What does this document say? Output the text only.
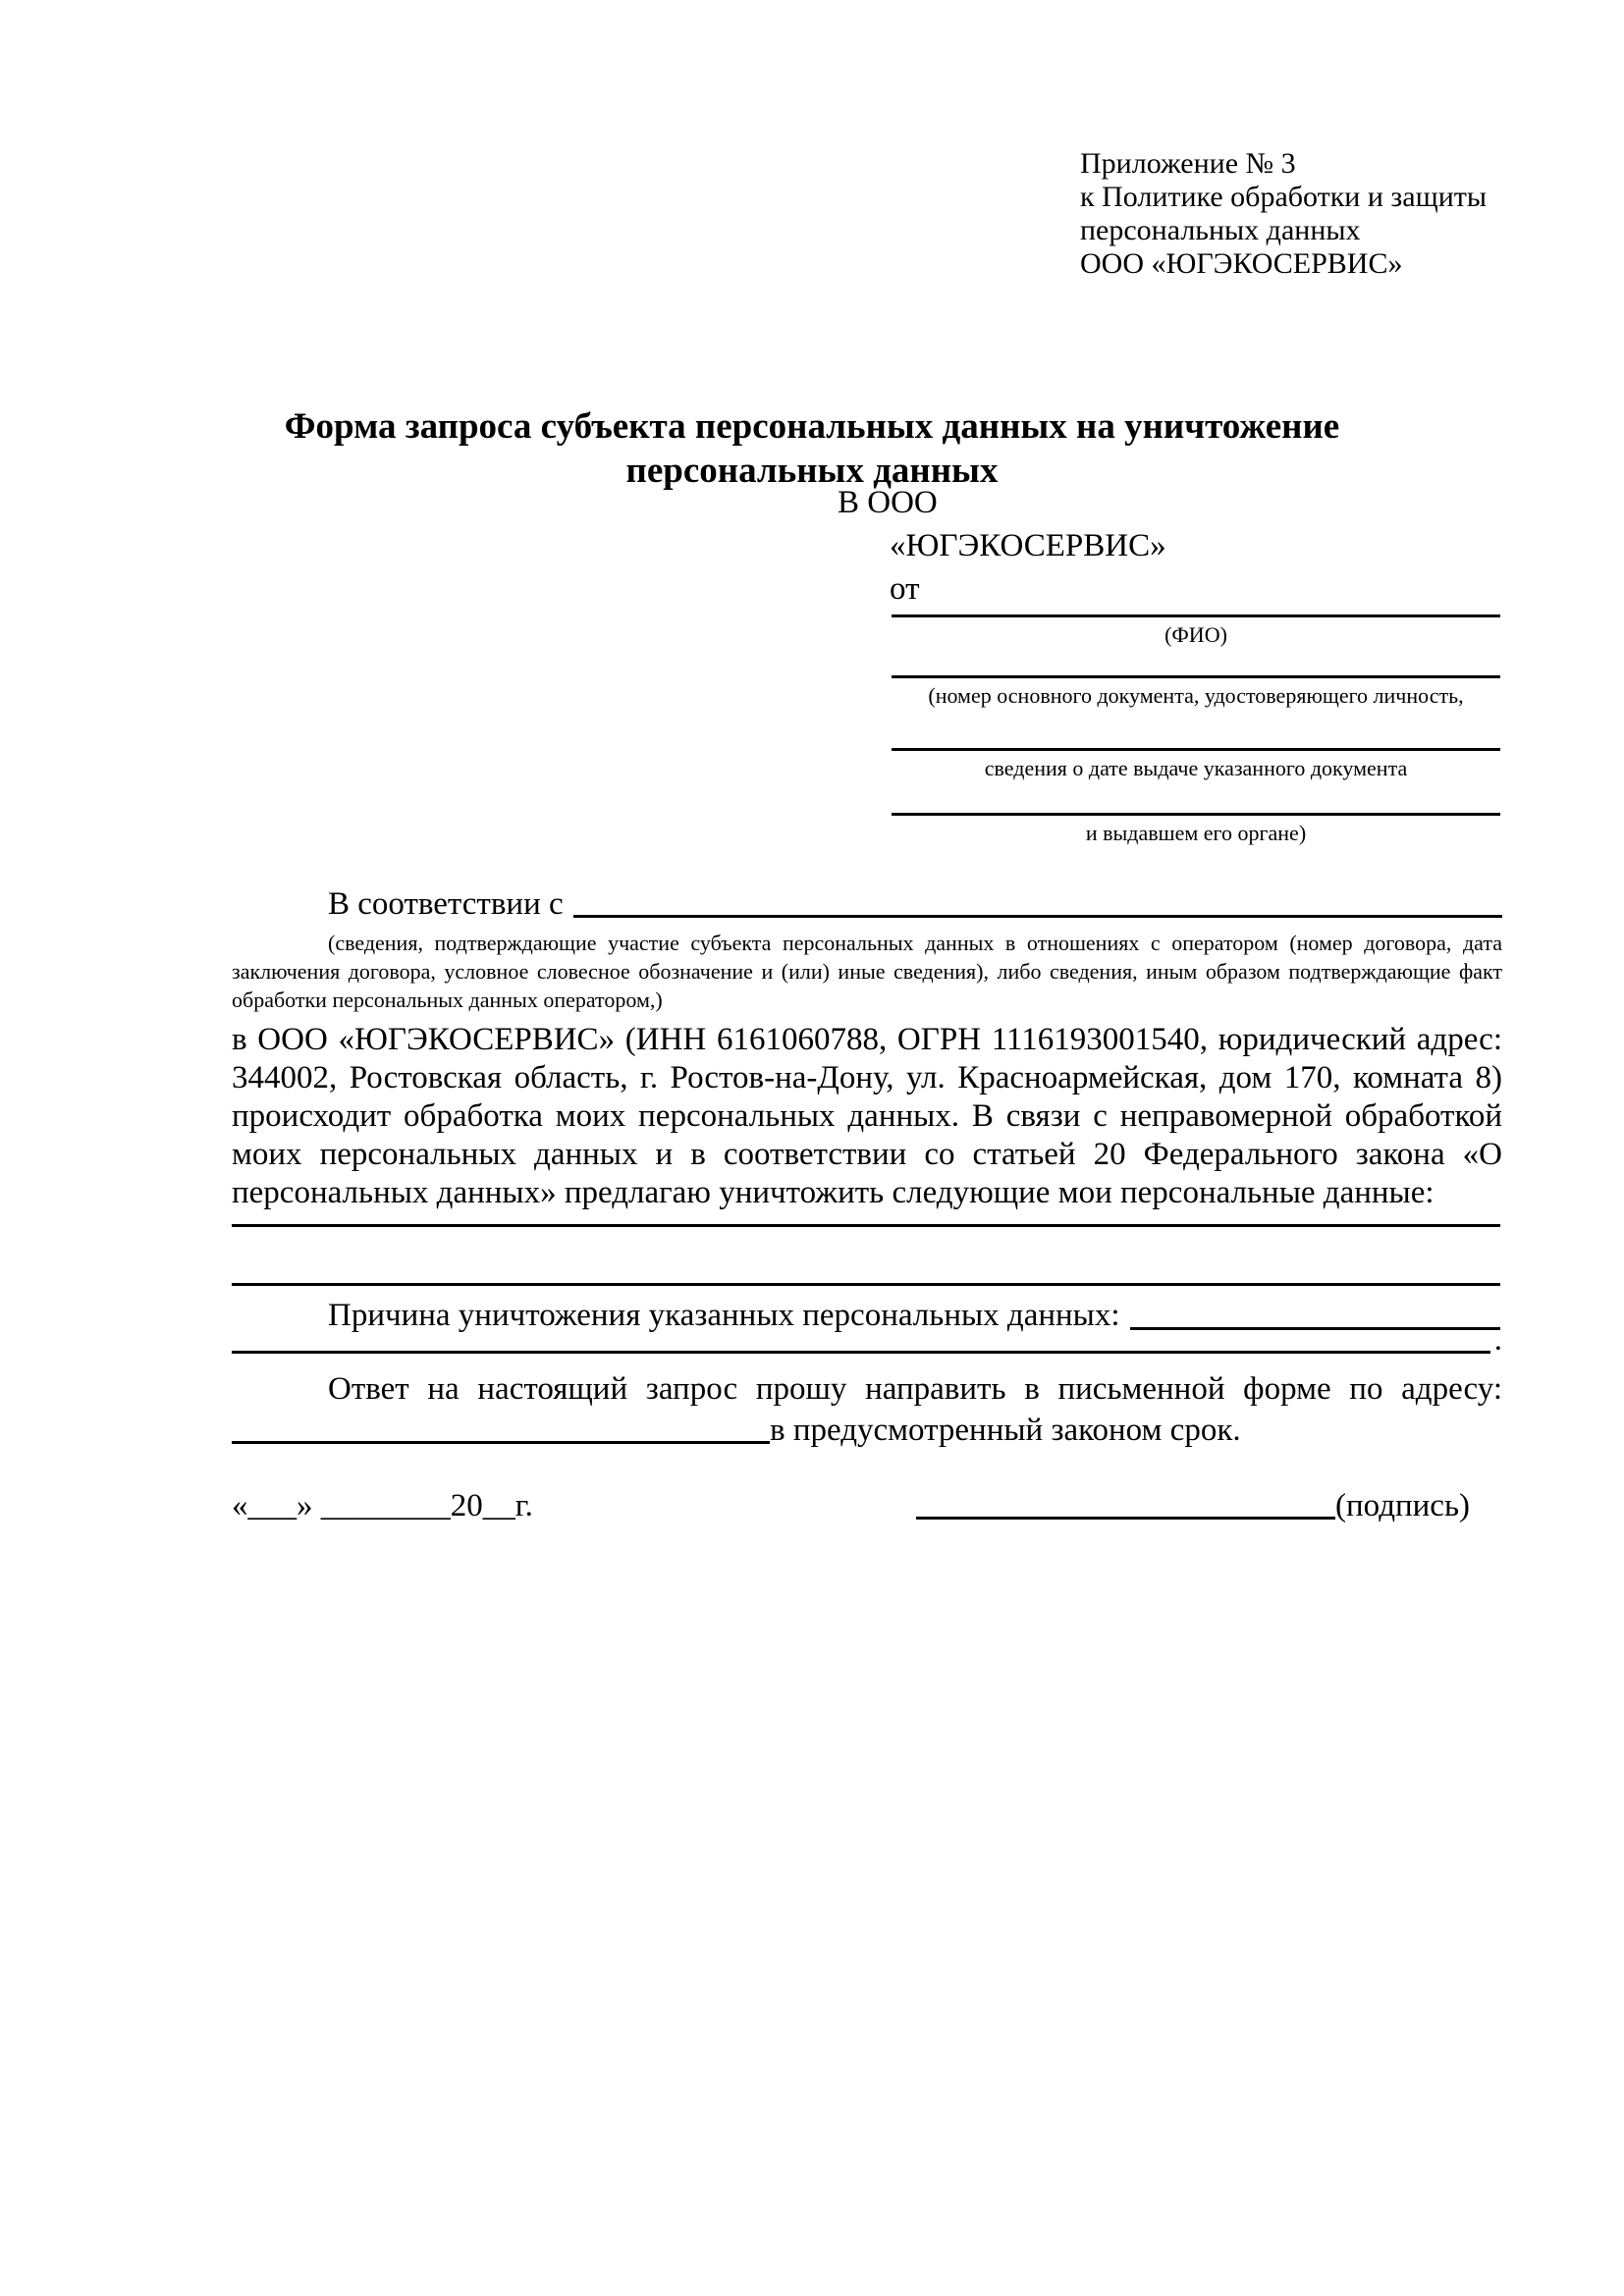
Приложение № 3
к Политике обработки и защиты
персональных данных
ООО «ЮГЭКОСЕРВИС»
Форма запроса субъекта персональных данных на уничтожение
персональных данных
В ООО
«ЮГЭКОСЕРВИС»
от
(ФИО)
(номер основного документа, удостоверяющего личность,
сведения о дате выдаче указанного документа
и выдавшем его органе)
В соответствии с
(сведения, подтверждающие участие субъекта персональных данных в отношениях с оператором (номер договора, дата заключения договора, условное словесное обозначение и (или) иные сведения), либо сведения, иным образом подтверждающие факт обработки персональных данных оператором,)
в ООО «ЮГЭКОСЕРВИС» (ИНН 6161060788, ОГРН 1116193001540, юридический адрес: 344002, Ростовская область, г. Ростов-на-Дону, ул. Красноармейская, дом 170, комната 8) происходит обработка моих персональных данных. В связи с неправомерной обработкой моих персональных данных и в соответствии со статьей 20 Федерального закона «О персональных данных» предлагаю уничтожить следующие мои персональные данные:
Причина уничтожения указанных персональных данных:
.
Ответ на настоящий запрос прошу направить в письменной форме по адресу:
в предусмотренный законом срок.
«___» ________20__г.	(подпись)
